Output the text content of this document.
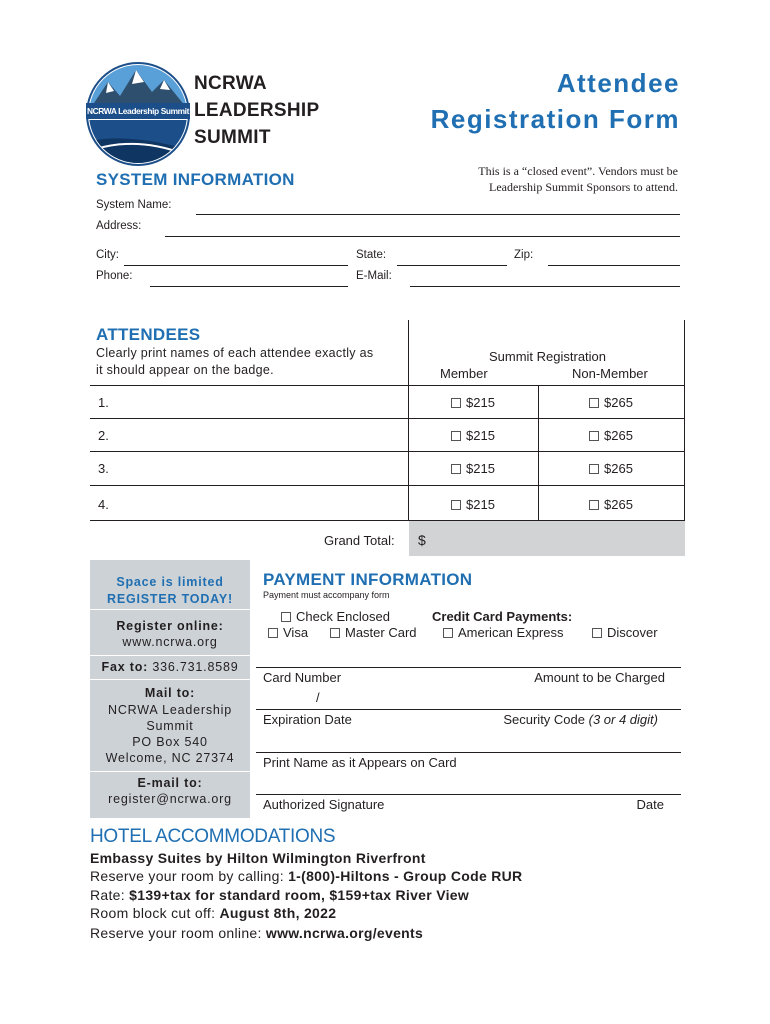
NCRWA Leadership Summit
NCRWA
LEADERSHIP
SUMMIT
Attendee
Registration Form
This is a “closed event”. Vendors must be
Leadership Summit Sponsors to attend.
SYSTEM INFORMATION
System Name:
Address:
City:	State:	Zip:
Phone:	E-Mail:
ATTENDEES
Clearly print names of each attendee exactly as
it should appear on the badge.
Summit Registration
Member	Non-Member
1.	$215	$265
2.	$215	$265
3.	$215	$265
4.	$215	$265
Grand Total: $
Space is limited
REGISTER TODAY!
Register online:
www.ncrwa.org
Fax to: 336.731.8589
Mail to:
NCRWA Leadership
Summit
PO Box 540
Welcome, NC 27374
E-mail to:
register@ncrwa.org
PAYMENT INFORMATION
Payment must accompany form
Check Enclosed	Credit Card Payments:
Visa	Master Card	American Express	Discover
Card Number	Amount to be Charged
/
Expiration Date	Security Code (3 or 4 digit)
Print Name as it Appears on Card
Authorized Signature	Date
HOTEL ACCOMMODATIONS
Embassy Suites by Hilton Wilmington Riverfront
Reserve your room by calling: 1-(800)-Hiltons - Group Code RUR
Rate: $139+tax for standard room, $159+tax River View
Room block cut off: August 8th, 2022
Reserve your room online: www.ncrwa.org/events
